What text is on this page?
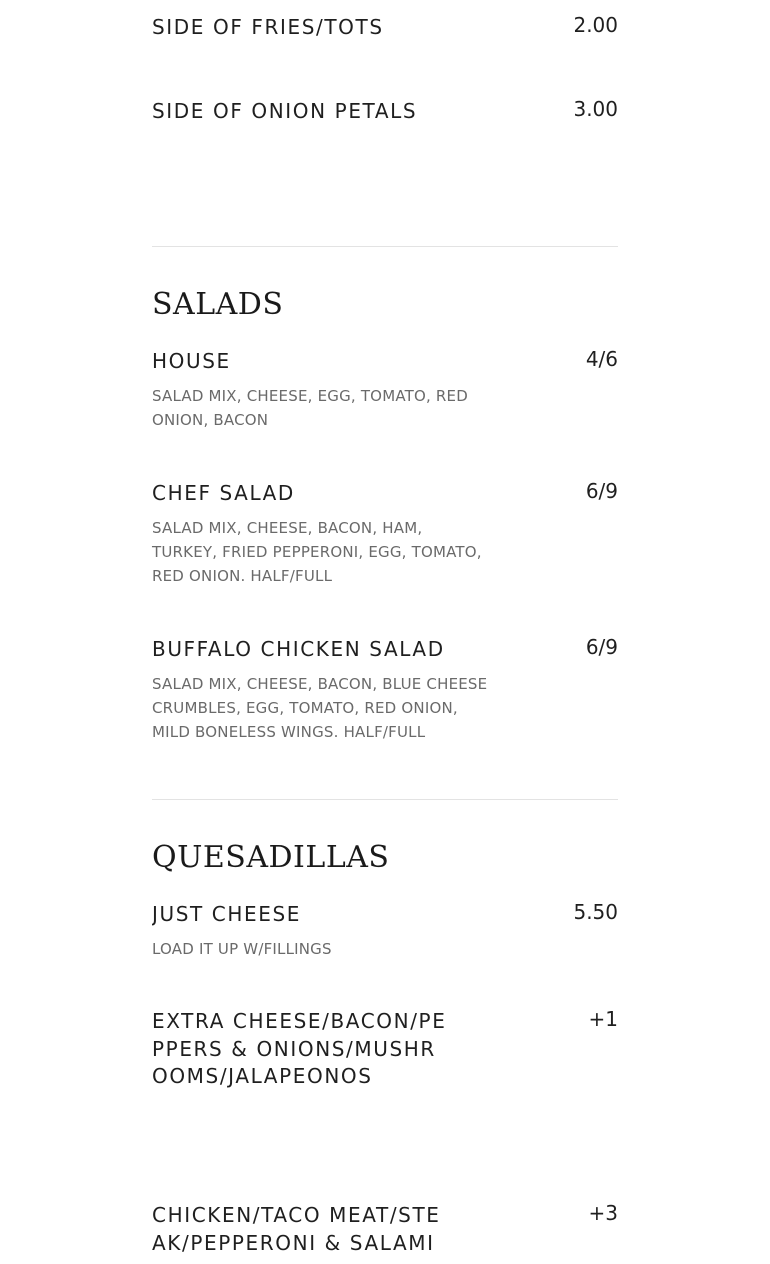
SIDE OF FRIES/TOTS	2.00
SIDE OF ONION PETALS	3.00
SALADS
HOUSE	4/6
SALAD MIX, CHEESE, EGG, TOMATO, RED ONION, BACON
CHEF SALAD	6/9
SALAD MIX, CHEESE, BACON, HAM, TURKEY, FRIED PEPPERONI, EGG, TOMATO, RED ONION. HALF/FULL
BUFFALO CHICKEN SALAD	6/9
SALAD MIX, CHEESE, BACON, BLUE CHEESE CRUMBLES, EGG, TOMATO, RED ONION, MILD BONELESS WINGS. HALF/FULL
QUESADILLAS
JUST CHEESE	5.50
LOAD IT UP W/FILLINGS
EXTRA CHEESE/BACON/PEPPERS & ONIONS/MUSHROOMS/JALAPEONOS
+1
CHICKEN/TACO MEAT/STEAK/PEPPERONI & SALAMI
+3
